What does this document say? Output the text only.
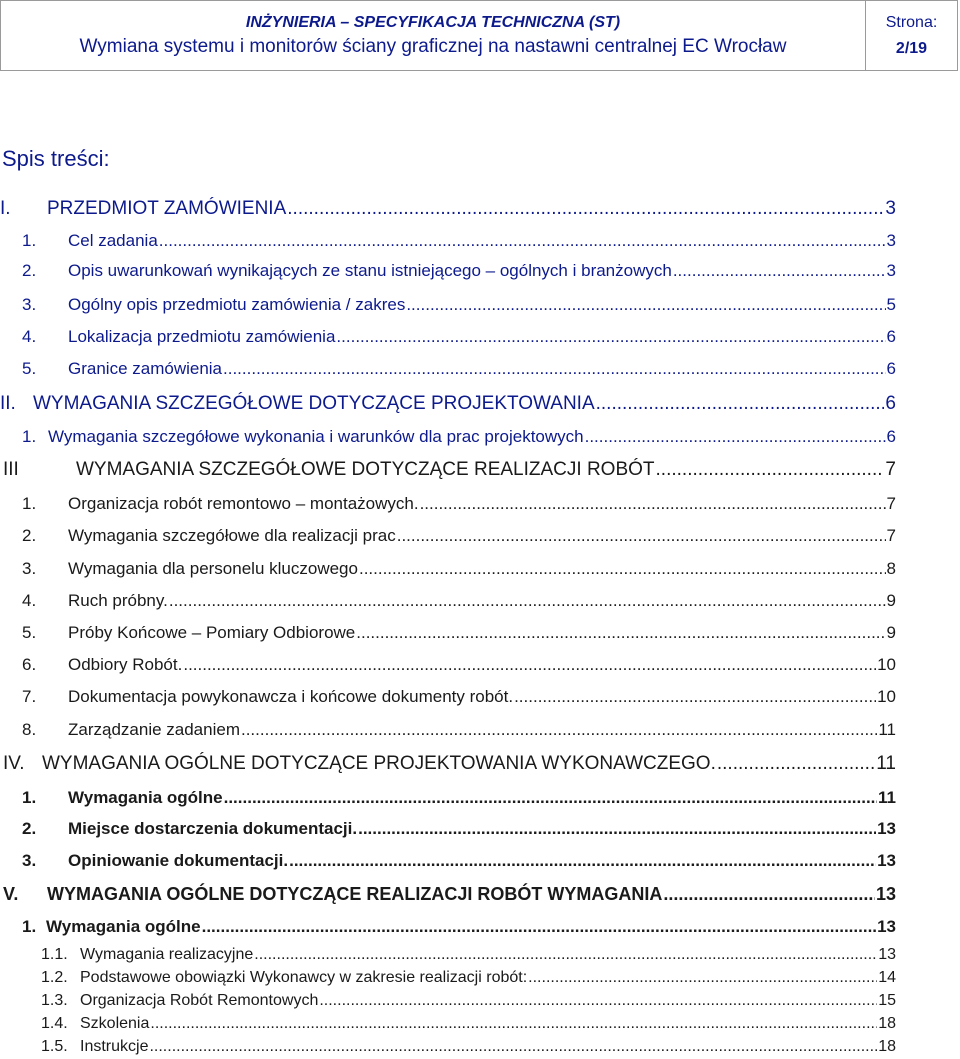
INŻYNIERIA – SPECYFIKACJA TECHNICZNA (ST)
Wymiana systemu i monitorów ściany graficznej na nastawni centralnej EC Wrocław
Strona:
2/19
Spis treści:
I.	PRZEDMIOT ZAMÓWIENIA .....	3
1.	Cel zadania .....	3
2.	Opis uwarunkowań wynikających ze stanu istniejącego – ogólnych i branżowych .....	3
3.	Ogólny opis przedmiotu zamówienia / zakres .....	5
4.	Lokalizacja przedmiotu zamówienia .....	6
5.	Granice zamówienia .....	6
II. WYMAGANIA SZCZEGÓŁOWE DOTYCZĄCE PROJEKTOWANIA .....	6
1. Wymagania szczegółowe wykonania i warunków dla prac projektowych .....	6
III	WYMAGANIA SZCZEGÓŁOWE DOTYCZĄCE REALIZACJI ROBÓT .....	7
1.	Organizacja robót remontowo – montażowych. .....	7
2.	Wymagania szczegółowe dla realizacji prac .....	7
3.	Wymagania dla personelu kluczowego .....	8
4.	Ruch próbny. .....	9
5.	Próby Końcowe – Pomiary Odbiorowe .....	9
6.	Odbiory Robót. .....	10
7.	Dokumentacja powykonawcza i końcowe dokumenty robót. .....	10
8.	Zarządzanie zadaniem .....	11
IV. WYMAGANIA OGÓLNE DOTYCZĄCE PROJEKTOWANIA WYKONAWCZEGO. .....	11
1.	Wymagania ogólne .....	11
2.	Miejsce dostarczenia dokumentacji. .....	13
3.	Opiniowanie dokumentacji. .....	13
V.	WYMAGANIA OGÓLNE DOTYCZĄCE REALIZACJI ROBÓT WYMAGANIA .....	13
1. Wymagania ogólne .....	13
1.1. Wymagania realizacyjne .....	13
1.2. Podstawowe obowiązki Wykonawcy w zakresie realizacji robót: .....	14
1.3. Organizacja Robót Remontowych .....	15
1.4. Szkolenia .....	18
1.5. Instrukcje .....	18
